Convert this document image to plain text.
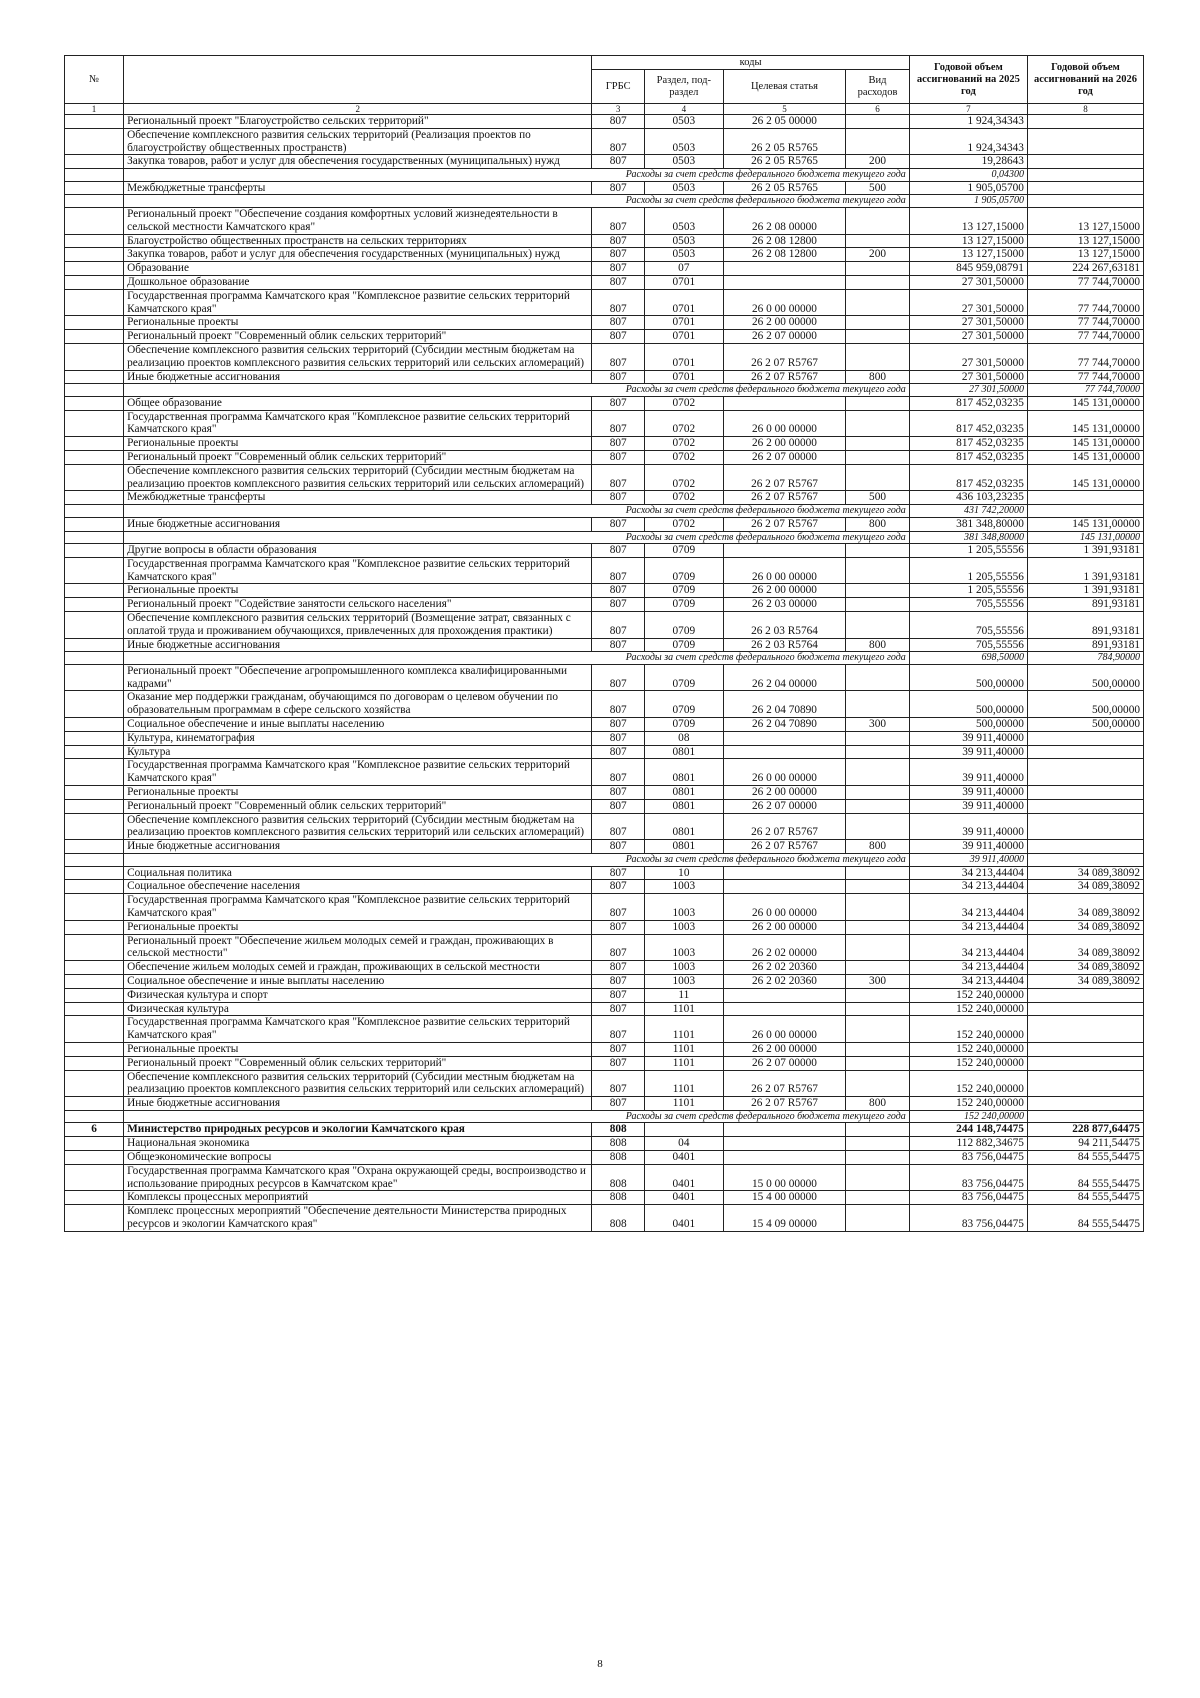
№		коды				Годовой объем ассигнований на 2025 год	Годовой объем ассигнований на 2026 год
		ГРБС	Раздел, под-раздел	Целевая статья	Вид расходов		
1	2	3	4	5	6	7	8
	Региональный проект "Благоустройство сельских территорий"	807	0503	26 2 05 00000		1 924,34343	
	Обеспечение комплексного развития сельских территорий (Реализация проектов по благоустройству общественных пространств)	807	0503	26 2 05 R5765		1 924,34343	
	Закупка товаров, работ и услуг для обеспечения государственных (муниципальных) нужд	807	0503	26 2 05 R5765	200	19,28643	
	Расходы за счет средств федерального бюджета текущего года					0,04300	
	Межбюджетные трансферты	807	0503	26 2 05 R5765	500	1 905,05700	
	Расходы за счет средств федерального бюджета текущего года					1 905,05700	
	Региональный проект "Обеспечение создания комфортных условий жизнедеятельности в сельской местности Камчатского края"	807	0503	26 2 08 00000		13 127,15000	13 127,15000
	Благоустройство общественных пространств на сельских территориях	807	0503	26 2 08 12800		13 127,15000	13 127,15000
	Закупка товаров, работ и услуг для обеспечения государственных (муниципальных) нужд	807	0503	26 2 08 12800	200	13 127,15000	13 127,15000
	Образование	807	07			845 959,08791	224 267,63181
	Дошкольное образование	807	0701			27 301,50000	77 744,70000
	Государственная программа Камчатского края "Комплексное развитие сельских территорий Камчатского края"	807	0701	26 0 00 00000		27 301,50000	77 744,70000
	Региональные проекты	807	0701	26 2 00 00000		27 301,50000	77 744,70000
	Региональный проект "Современный облик сельских территорий"	807	0701	26 2 07 00000		27 301,50000	77 744,70000
	Обеспечение комплексного развития сельских территорий (Субсидии местным бюджетам на реализацию проектов комплексного развития сельских территорий или сельских агломераций)	807	0701	26 2 07 R5767		27 301,50000	77 744,70000
	Иные бюджетные ассигнования	807	0701	26 2 07 R5767	800	27 301,50000	77 744,70000
	Расходы за счет средств федерального бюджета текущего года					27 301,50000	77 744,70000
	Общее образование	807	0702			817 452,03235	145 131,00000
	Государственная программа Камчатского края "Комплексное развитие сельских территорий Камчатского края"	807	0702	26 0 00 00000		817 452,03235	145 131,00000
	Региональные проекты	807	0702	26 2 00 00000		817 452,03235	145 131,00000
	Региональный проект "Современный облик сельских территорий"	807	0702	26 2 07 00000		817 452,03235	145 131,00000
	Обеспечение комплексного развития сельских территорий (Субсидии местным бюджетам на реализацию проектов комплексного развития сельских территорий или сельских агломераций)	807	0702	26 2 07 R5767		817 452,03235	145 131,00000
	Межбюджетные трансферты	807	0702	26 2 07 R5767	500	436 103,23235	
	Расходы за счет средств федерального бюджета текущего года					431 742,20000	
	Иные бюджетные ассигнования	807	0702	26 2 07 R5767	800	381 348,80000	145 131,00000
	Расходы за счет средств федерального бюджета текущего года					381 348,80000	145 131,00000
	Другие вопросы в области образования	807	0709			1 205,55556	1 391,93181
	Государственная программа Камчатского края "Комплексное развитие сельских территорий Камчатского края"	807	0709	26 0 00 00000		1 205,55556	1 391,93181
	Региональные проекты	807	0709	26 2 00 00000		1 205,55556	1 391,93181
	Региональный проект "Содействие занятости сельского населения"	807	0709	26 2 03 00000		705,55556	891,93181
	Обеспечение комплексного развития сельских территорий (Возмещение затрат, связанных с оплатой труда и проживанием обучающихся, привлеченных для прохождения практики)	807	0709	26 2 03 R5764		705,55556	891,93181
	Иные бюджетные ассигнования	807	0709	26 2 03 R5764	800	705,55556	891,93181
	Расходы за счет средств федерального бюджета текущего года					698,50000	784,90000
	Региональный проект "Обеспечение агропромышленного комплекса квалифицированными кадрами"	807	0709	26 2 04 00000		500,00000	500,00000
	Оказание мер поддержки гражданам, обучающимся по договорам о целевом обучении по образовательным программам в сфере сельского хозяйства	807	0709	26 2 04 70890		500,00000	500,00000
	Социальное обеспечение и иные выплаты населению	807	0709	26 2 04 70890	300	500,00000	500,00000
	Культура, кинематография	807	08			39 911,40000	
	Культура	807	0801			39 911,40000	
	Государственная программа Камчатского края "Комплексное развитие сельских территорий Камчатского края"	807	0801	26 0 00 00000		39 911,40000	
	Региональные проекты	807	0801	26 2 00 00000		39 911,40000	
	Региональный проект "Современный облик сельских территорий"	807	0801	26 2 07 00000		39 911,40000	
	Обеспечение комплексного развития сельских территорий (Субсидии местным бюджетам на реализацию проектов комплексного развития сельских территорий или сельских агломераций)	807	0801	26 2 07 R5767		39 911,40000	
	Иные бюджетные ассигнования	807	0801	26 2 07 R5767	800	39 911,40000	
	Расходы за счет средств федерального бюджета текущего года					39 911,40000	
	Социальная политика	807	10			34 213,44404	34 089,38092
	Социальное обеспечение населения	807	1003			34 213,44404	34 089,38092
	Государственная программа Камчатского края "Комплексное развитие сельских территорий Камчатского края"	807	1003	26 0 00 00000		34 213,44404	34 089,38092
	Региональные проекты	807	1003	26 2 00 00000		34 213,44404	34 089,38092
	Региональный проект "Обеспечение жильем молодых семей и граждан, проживающих в сельской местности"	807	1003	26 2 02 00000		34 213,44404	34 089,38092
	Обеспечение жильем молодых семей и граждан, проживающих в сельской местности	807	1003	26 2 02 20360		34 213,44404	34 089,38092
	Социальное обеспечение и иные выплаты населению	807	1003	26 2 02 20360	300	34 213,44404	34 089,38092
	Физическая культура и спорт	807	11			152 240,00000	
	Физическая культура	807	1101			152 240,00000	
	Государственная программа Камчатского края "Комплексное развитие сельских территорий Камчатского края"	807	1101	26 0 00 00000		152 240,00000	
	Региональные проекты	807	1101	26 2 00 00000		152 240,00000	
	Региональный проект "Современный облик сельских территорий"	807	1101	26 2 07 00000		152 240,00000	
	Обеспечение комплексного развития сельских территорий (Субсидии местным бюджетам на реализацию проектов комплексного развития сельских территорий или сельских агломераций)	807	1101	26 2 07 R5767		152 240,00000	
	Иные бюджетные ассигнования	807	1101	26 2 07 R5767	800	152 240,00000	
	Расходы за счет средств федерального бюджета текущего года					152 240,00000	
6	Министерство природных ресурсов и экологии Камчатского края	808				244 148,74475	228 877,64475
	Национальная экономика	808	04			112 882,34675	94 211,54475
	Общеэкономические вопросы	808	0401			83 756,04475	84 555,54475
	Государственная программа Камчатского края "Охрана окружающей среды, воспроизводство и использование природных ресурсов в Камчатском крае"	808	0401	15 0 00 00000		83 756,04475	84 555,54475
	Комплексы процессных мероприятий	808	0401	15 4 00 00000		83 756,04475	84 555,54475
	Комплекс процессных мероприятий "Обеспечение деятельности Министерства природных ресурсов и экологии Камчатского края"	808	0401	15 4 09 00000		83 756,04475	84 555,54475
8
